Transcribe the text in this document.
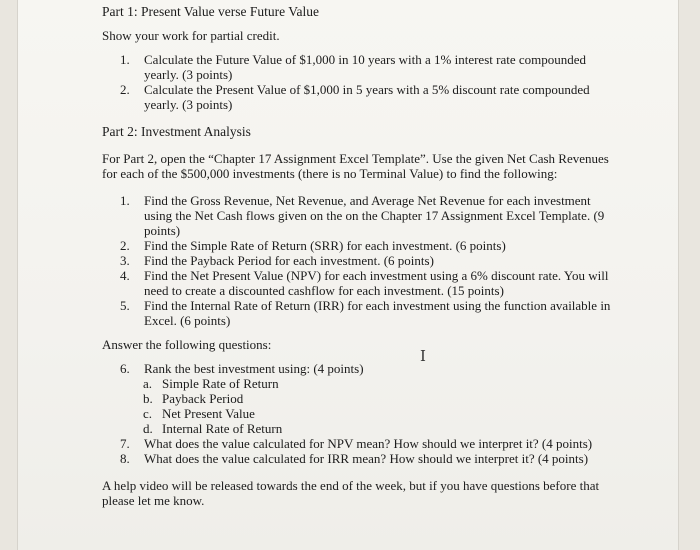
Part 1: Present Value verse Future Value

Show your work for partial credit.

1. Calculate the Future Value of $1,000 in 10 years with a 1% interest rate compounded yearly. (3 points)
2. Calculate the Present Value of $1,000 in 5 years with a 5% discount rate compounded yearly. (3 points)

Part 2: Investment Analysis

For Part 2, open the “Chapter 17 Assignment Excel Template”. Use the given Net Cash Revenues for each of the $500,000 investments (there is no Terminal Value) to find the following:

1. Find the Gross Revenue, Net Revenue, and Average Net Revenue for each investment using the Net Cash flows given on the on the Chapter 17 Assignment Excel Template. (9 points)
2. Find the Simple Rate of Return (SRR) for each investment. (6 points)
3. Find the Payback Period for each investment. (6 points)
4. Find the Net Present Value (NPV) for each investment using a 6% discount rate. You will need to create a discounted cashflow for each investment. (15 points)
5. Find the Internal Rate of Return (IRR) for each investment using the function available in Excel. (6 points)

Answer the following questions:

6. Rank the best investment using: (4 points)
a. Simple Rate of Return
b. Payback Period
c. Net Present Value
d. Internal Rate of Return
7. What does the value calculated for NPV mean? How should we interpret it? (4 points)
8. What does the value calculated for IRR mean? How should we interpret it? (4 points)

A help video will be released towards the end of the week, but if you have questions before that please let me know.

I
